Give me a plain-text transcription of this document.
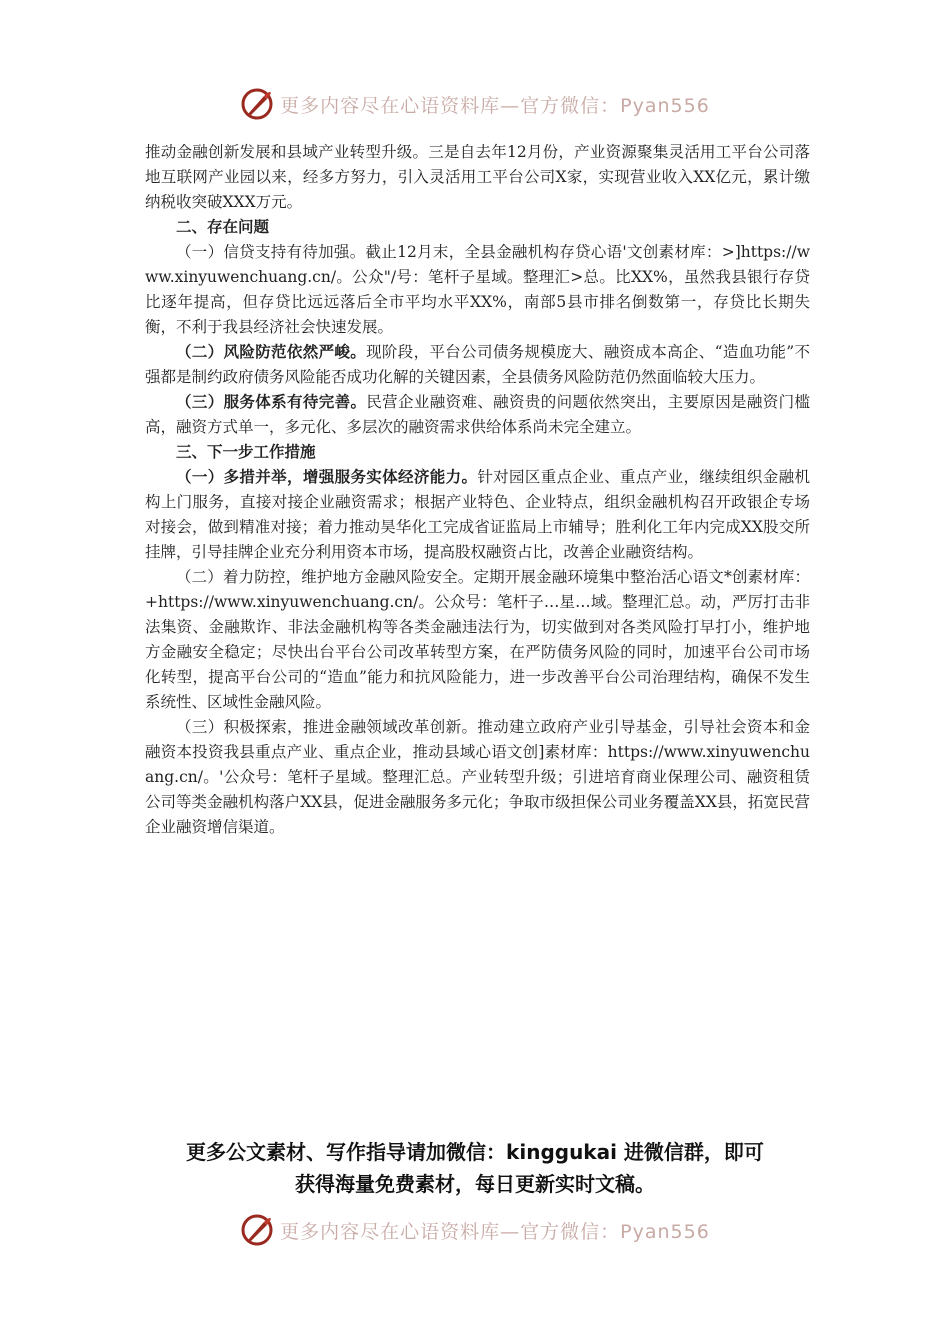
更多内容尽在心语资料库—官方微信：Pyan556

推动金融创新发展和县域产业转型升级。三是自去年12月份，产业资源聚集灵活用工平台公司落地互联网产业园以来，经多方努力，引入灵活用工平台公司X家，实现营业收入XX亿元，累计缴纳税收突破XXX万元。

二、存在问题

（一）信贷支持有待加强。截止12月末，全县金融机构存贷心语'文创素材库：>]https://www.xinyuwenchuang.cn/。公众"/号：笔杆子星域。整理汇>总。比XX%，虽然我县银行存贷比逐年提高，但存贷比远远落后全市平均水平XX%，南部5县市排名倒数第一，存贷比长期失衡，不利于我县经济社会快速发展。

（二）风险防范依然严峻。现阶段，平台公司债务规模庞大、融资成本高企、“造血功能”不强都是制约政府债务风险能否成功化解的关键因素，全县债务风险防范仍然面临较大压力。

（三）服务体系有待完善。民营企业融资难、融资贵的问题依然突出，主要原因是融资门槛高，融资方式单一，多元化、多层次的融资需求供给体系尚未完全建立。

三、下一步工作措施

（一）多措并举，增强服务实体经济能力。针对园区重点企业、重点产业，继续组织金融机构上门服务，直接对接企业融资需求；根据产业特色、企业特点，组织金融机构召开政银企专场对接会，做到精准对接；着力推动昊华化工完成省证监局上市辅导；胜利化工年内完成XX股交所挂牌，引导挂牌企业充分利用资本市场，提高股权融资占比，改善企业融资结构。

（二）着力防控，维护地方金融风险安全。定期开展金融环境集中整治活心语文*创素材库：+https://www.xinyuwenchuang.cn/。公众号：笔杆子…星…域。整理汇总。动，严厉打击非法集资、金融欺诈、非法金融机构等各类金融违法行为，切实做到对各类风险打早打小，维护地方金融安全稳定；尽快出台平台公司改革转型方案，在严防债务风险的同时，加速平台公司市场化转型，提高平台公司的“造血”能力和抗风险能力，进一步改善平台公司治理结构，确保不发生系统性、区域性金融风险。

（三）积极探索，推进金融领域改革创新。推动建立政府产业引导基金，引导社会资本和金融资本投资我县重点产业、重点企业，推动县域心语文创]素材库：https://www.xinyuwenchuang.cn/。'公众号：笔杆子星域。整理汇总。产业转型升级；引进培育商业保理公司、融资租赁公司等类金融机构落户XX县，促进金融服务多元化；争取市级担保公司业务覆盖XX县，拓宽民营企业融资增信渠道。

更多公文素材、写作指导请加微信：kinggukai 进微信群，即可
获得海量免费素材，每日更新实时文稿。
更多内容尽在心语资料库—官方微信：Pyan556
